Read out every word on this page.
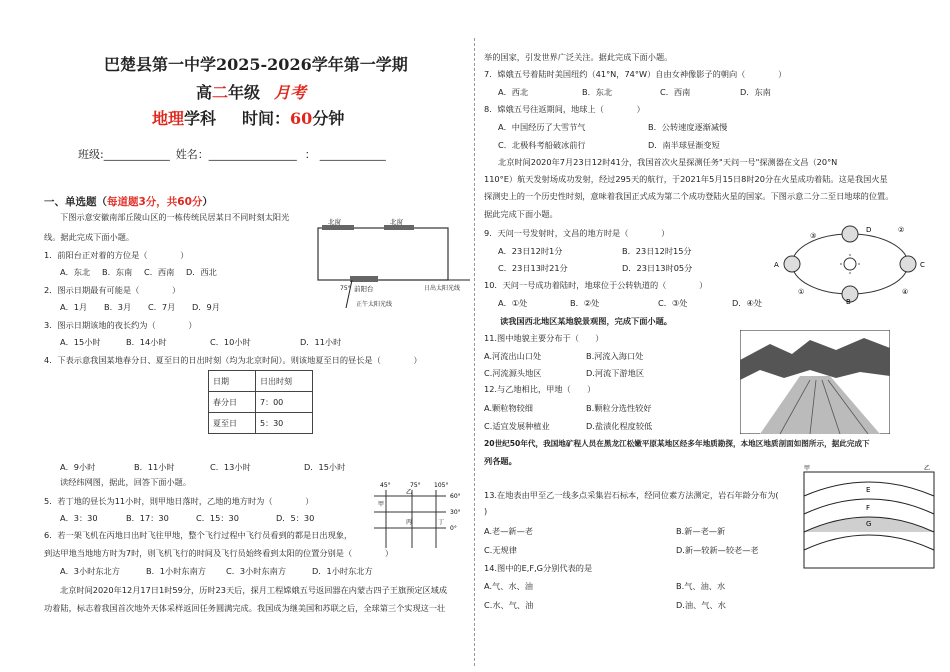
巴楚县第一中学2025-2026学年第一学期
高二年级 月考
地理学科 时间：60分钟
班级:____________ 姓名：________________ ： ____________
一、单选题（每道题3分，共60分）
下图示意安徽南部丘陵山区的一栋传统民居某日不同时刻太阳光
线。据此完成下面小题。
1．前阳台正对着的方位是（　　　　）
A．东北 B．东南 C．西南 D．西北
2．图示日期最有可能是（　　　　）
A．1月 B．3月 C．7月 D．9月
3．图示日期该地的夜长约为（　　　　）
A．15小时	B．14小时	C．10小时	D．11小时
4．下表示意我国某地春分日、夏至日的日出时刻（均为北京时间）。则该地夏至日的昼长是（　　　　）
日期	日出时刻
春分日	7：00
夏至日	5：30
A．9小时	B．11小时	C．13小时	D．15小时
读经纬网图，据此，回答下面小题。
5．若丁地的昼长为11小时，則甲地日落时，乙地的地方时为（　　　　）
A．3：30	B．17：30	C．15：30	D．5：30
6．若一架飞机在丙地日出时飞往甲地，整个飞行过程中飞行员看到的都是日出现象，
到达甲地当地地方时为7时，则飞机飞行的时间及飞行员始终看到太阳的位置分别是（　　　　）
A．3小时东北方	B．1小时东南方 C．3小时东南方	D．1小时东北方
北京时间2020年12月17日1时59分，历时23天后，探月工程嫦娥五号返回器在内蒙古四子王旗预定区域成
功着陆，标志着我国首次地外天体采样返回任务圆满完成。我国成为继美国和苏联之后，全球第三个实现这一壮
北窗	北窗
前阳台
75°	日出太阳光线
正午太阳光线
45°	75° 105°
60°
30°
0°
甲
乙
丙	丁
举的国家，引发世界广泛关注。据此完成下面小题。
7．嫦娥五号着陆时美国纽约（41°N，74°W）自由女神像影子的朝向（　　　　）
A．西北	B．东北	C．西南	D．东南
8．嫦娥五号往返期间，地球上（　　　　）
A．中国经历了大雪节气	B．公转速度逐渐减慢
C．北极科考船破冰前行	D．南半球昼渐变短
北京时间2020年7月23日12时41分，我国首次火星探测任务"天问一号"探测器在文昌（20°N
110°E）航天发射场成功发射，经过295天的航行，于2021年5月15日8时20分在火星成功着陆。这是我国火星
探测史上的一个历史性时刻，意味着我国正式成为第二个成功登陆火星的国家。下图示意二分二至日地球的位置。
据此完成下面小题。
9．天问一号发射时，文昌的地方时是（　　　　）
A．23日12时1分	B．23日12时15分
C．23日13时21分	D．23日13时05分
10．天问一号成功着陆时，地球位于公转轨道的（　　　　）
A．①处	B．②处	C．③处	D．④处
读我国西北地区某地貌景观图，完成下面小题。
11.图中地貌主要分布于（　　）
A.河流出山口处	B.河流入海口处
C.河流源头地区	D.河流下游地区
12.与乙地相比，甲地（　　）
A.颗粒物较细	B.颗粒分选性较好
C.适宜发展种植业	D.盐渍化程度较低
20世纪50年代，我国地矿程人员在黑龙江松嫩平原某地区经多年地质勘探，本地区地质剖面如图所示，据此完成下
列各题。
13.在地表由甲至乙一线多点采集岩石标本，经同位素方法测定，岩石年龄分布为(
)
A.老—新—老	B.新—老—新
C.无规律	D.新—较新—较老—老
14.图中的E,F,G分别代表的是
A.气、水、油	B.气、油、水
C.水、气、油	D.油、气、水
A
B
C
D
①
②
③
④
甲	乙
E
F
G
